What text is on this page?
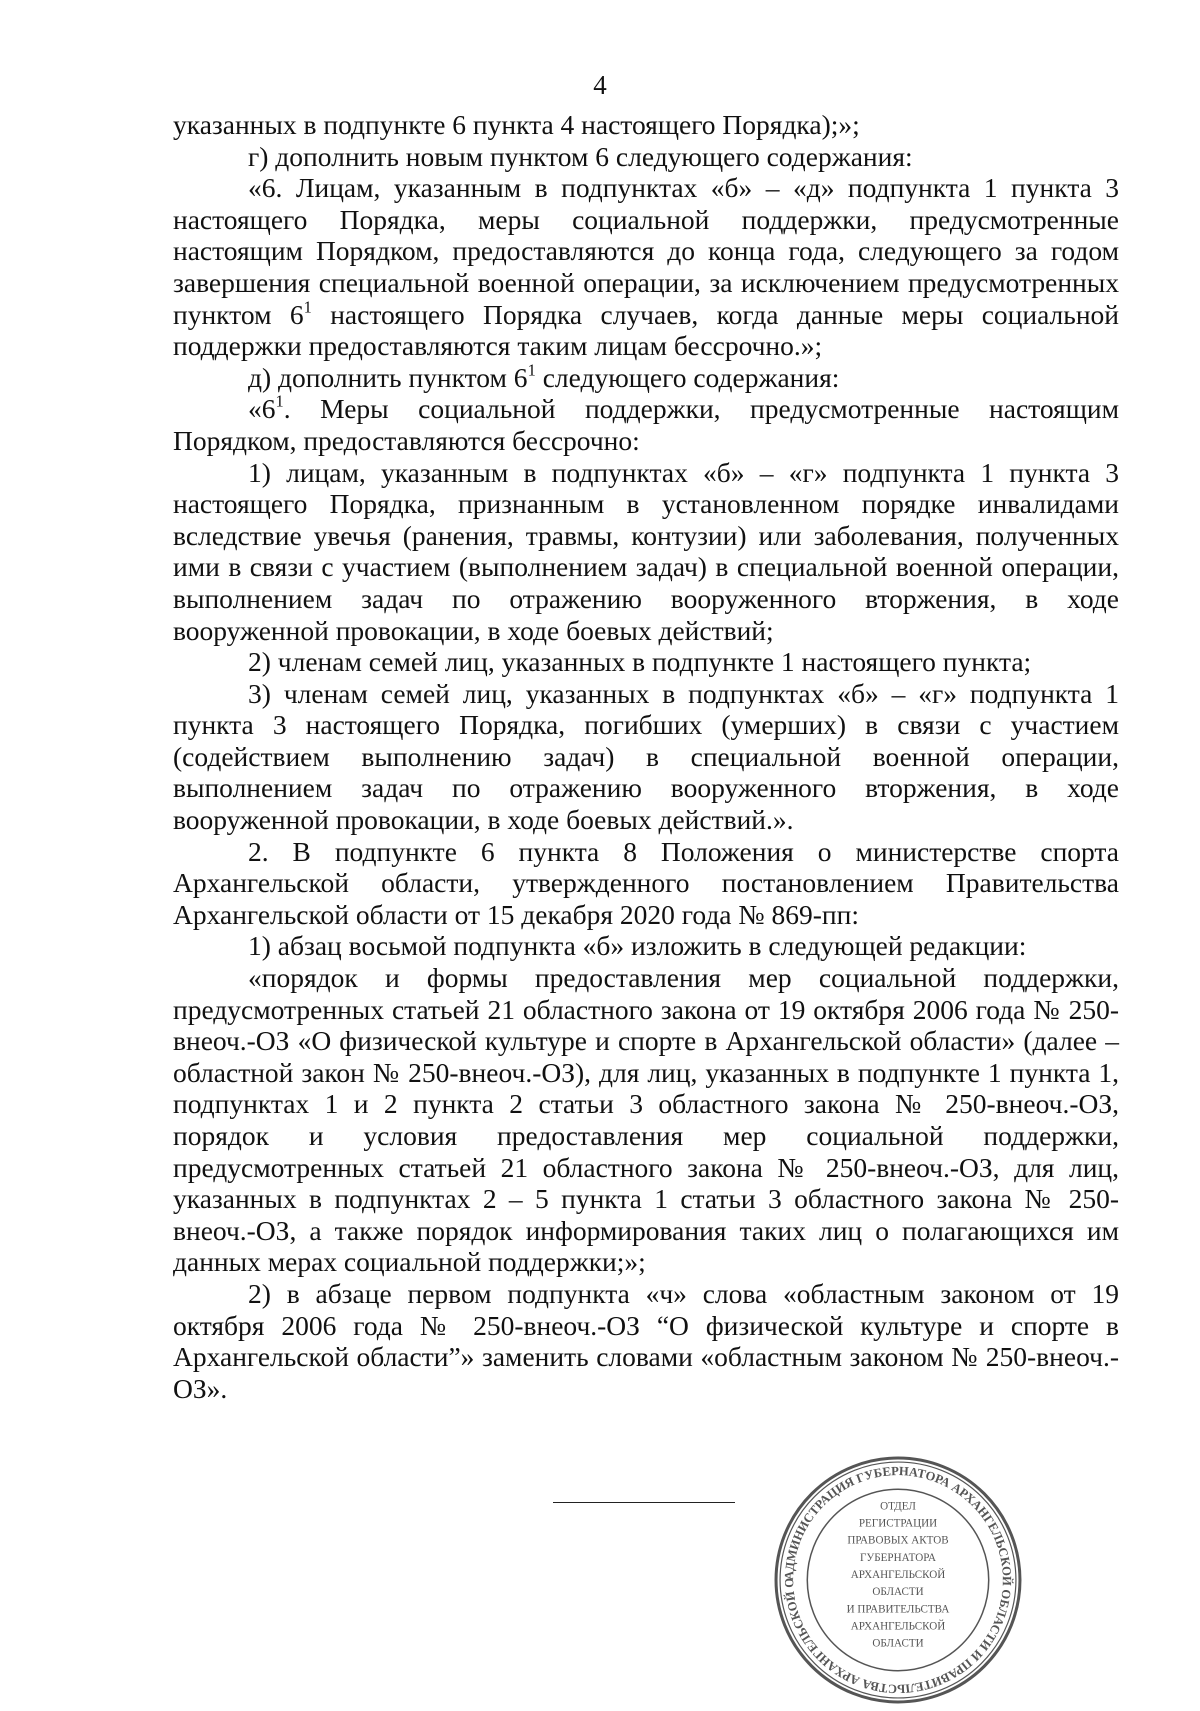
4

указанных в подпункте 6 пункта 4 настоящего Порядка);»;

г) дополнить новым пунктом 6 следующего содержания:

«6. Лицам, указанным в подпунктах «б» – «д» подпункта 1 пункта 3 настоящего Порядка, меры социальной поддержки, предусмотренные настоящим Порядком, предоставляются до конца года, следующего за годом завершения специальной военной операции, за исключением предусмотренных пунктом $6^1$ настоящего Порядка случаев, когда данные меры социальной поддержки предоставляются таким лицам бессрочно.»;

д) дополнить пунктом $6^1$ следующего содержания:

«$6^1$. Меры социальной поддержки, предусмотренные настоящим Порядком, предоставляются бессрочно:

1) лицам, указанным в подпунктах «б» – «г» подпункта 1 пункта 3 настоящего Порядка, признанным в установленном порядке инвалидами вследствие увечья (ранения, травмы, контузии) или заболевания, полученных ими в связи с участием (выполнением задач) в специальной военной операции, выполнением задач по отражению вооруженного вторжения, в ходе вооруженной провокации, в ходе боевых действий;

2) членам семей лиц, указанных в подпункте 1 настоящего пункта;

3) членам семей лиц, указанных в подпунктах «б» – «г» подпункта 1 пункта 3 настоящего Порядка, погибших (умерших) в связи с участием (содействием выполнению задач) в специальной военной операции, выполнением задач по отражению вооруженного вторжения, в ходе вооруженной провокации, в ходе боевых действий.».

2. В подпункте 6 пункта 8 Положения о министерстве спорта Архангельской области, утвержденного постановлением Правительства Архангельской области от 15 декабря 2020 года № 869-пп:

1) абзац восьмой подпункта «б» изложить в следующей редакции:

«порядок и формы предоставления мер социальной поддержки, предусмотренных статьей 21 областного закона от 19 октября 2006 года № 250-внеоч.-ОЗ «О физической культуре и спорте в Архангельской области» (далее – областной закон № 250-внеоч.-ОЗ), для лиц, указанных в подпункте 1 пункта 1, подпунктах 1 и 2 пункта 2 статьи 3 областного закона № 250-внеоч.-ОЗ, порядок и условия предоставления мер социальной поддержки, предусмотренных статьей 21 областного закона № 250-внеоч.-ОЗ, для лиц, указанных в подпунктах 2 – 5 пункта 1 статьи 3 областного закона № 250-внеоч.-ОЗ, а также порядок информирования таких лиц о полагающихся им данных мерах социальной поддержки;»;

2) в абзаце первом подпункта «ч» слова «областным законом от 19 октября 2006 года № 250-внеоч.-ОЗ “О физической культуре и спорте в Архангельской области”» заменить словами «областным законом № 250-внеоч.-ОЗ».

АДМИНИСТРАЦИЯ ГУБЕРНАТОРА АРХАНГЕЛЬСКОЙ ОБЛАСТИ И ПРАВИТЕЛЬСТВА АРХАНГЕЛЬСКОЙ О
ОТДЕЛ
РЕГИСТРАЦИИ
ПРАВОВЫХ АКТОВ
ГУБЕРНАТОРА
АРХАНГЕЛЬСКОЙ
ОБЛАСТИ
И ПРАВИТЕЛЬСТВА
АРХАНГЕЛЬСКОЙ
ОБЛАСТИ
